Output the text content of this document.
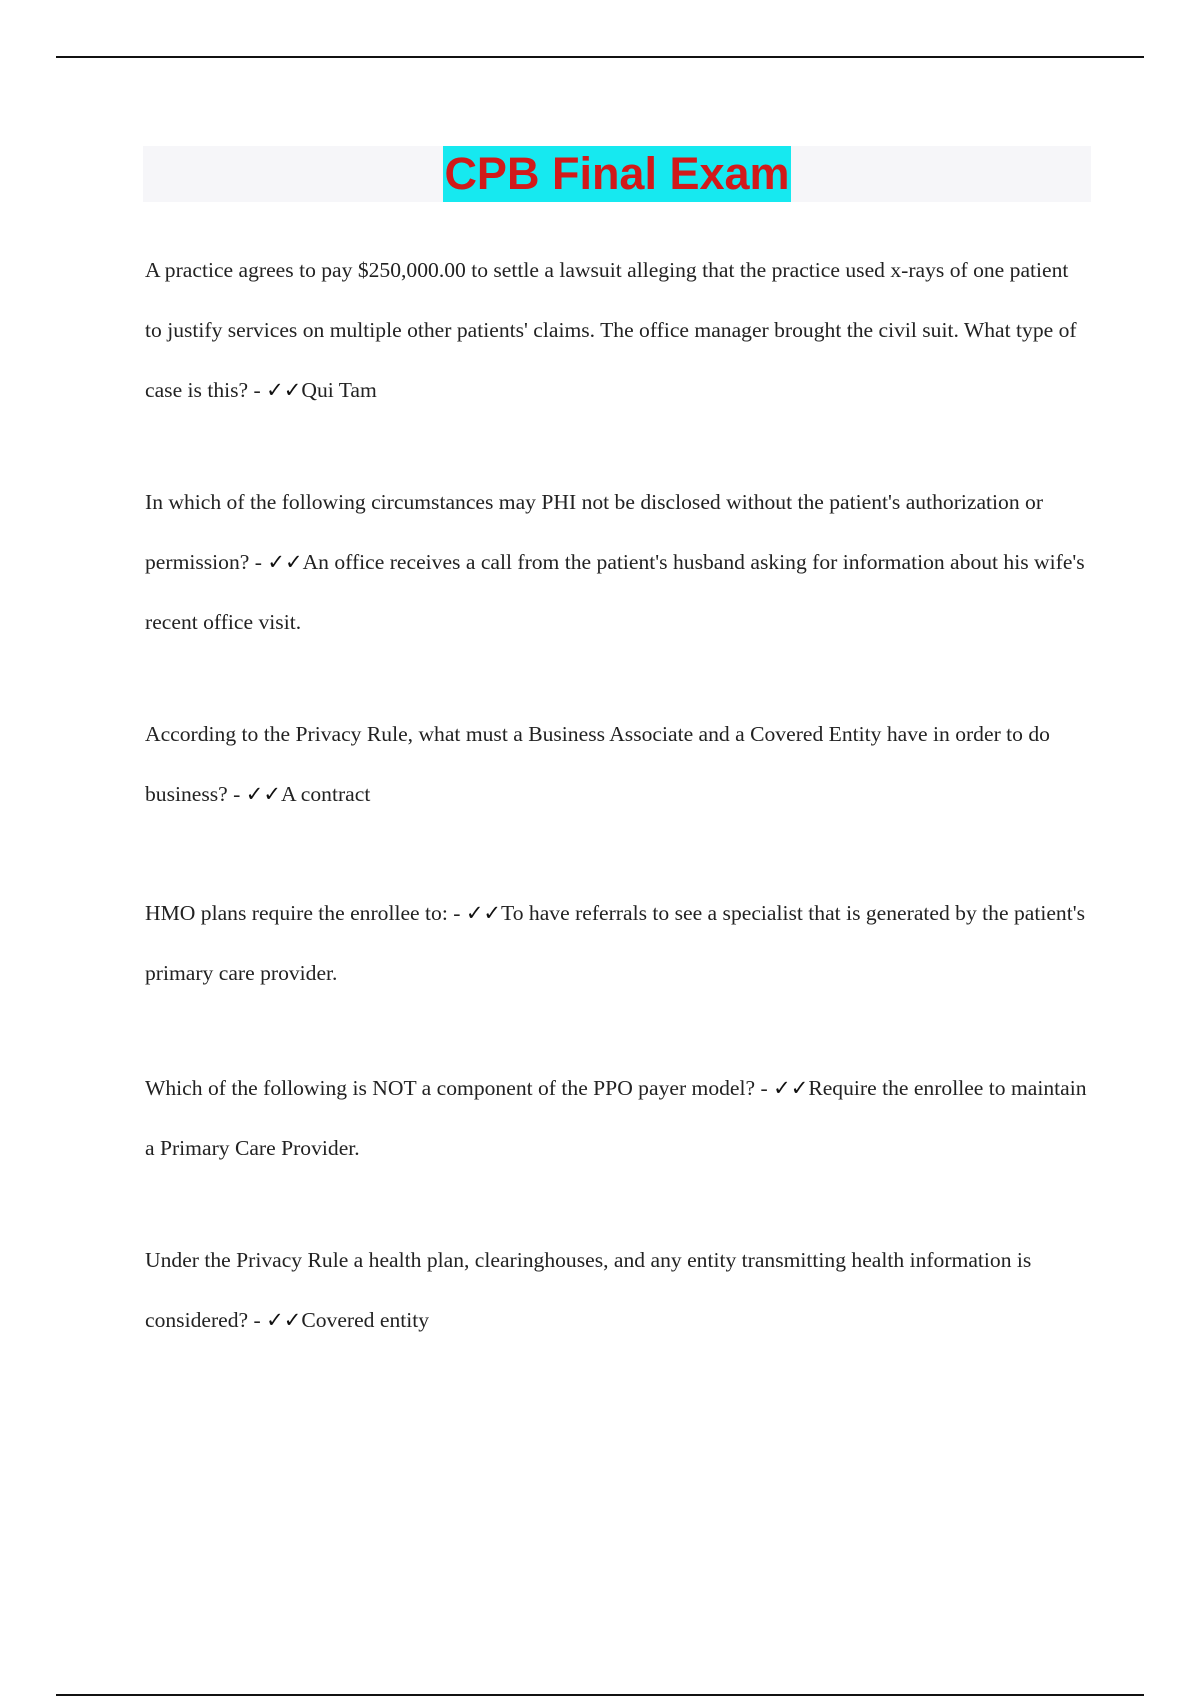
CPB Final Exam

A practice agrees to pay $250,000.00 to settle a lawsuit alleging that the practice used x-rays of one patient to justify services on multiple other patients' claims. The office manager brought the civil suit. What type of case is this? - ✓✓Qui Tam

In which of the following circumstances may PHI not be disclosed without the patient's authorization or permission? - ✓✓An office receives a call from the patient's husband asking for information about his wife's recent office visit.

According to the Privacy Rule, what must a Business Associate and a Covered Entity have in order to do business? - ✓✓A contract

HMO plans require the enrollee to: - ✓✓To have referrals to see a specialist that is generated by the patient's primary care provider.

Which of the following is NOT a component of the PPO payer model? - ✓✓Require the enrollee to maintain a Primary Care Provider.

Under the Privacy Rule a health plan, clearinghouses, and any entity transmitting health information is considered? - ✓✓Covered entity
